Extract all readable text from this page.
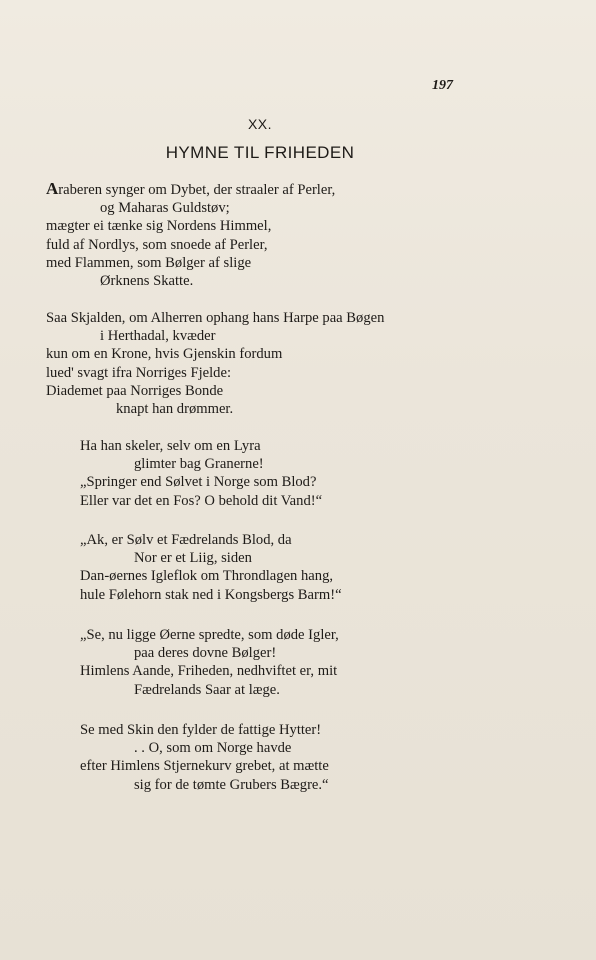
197
XX.
HYMNE TIL FRIHEDEN
Araberen synger om Dybet, der straaler af Perler,
og Maharas Guldstøv;
mægter ei tænke sig Nordens Himmel,
fuld af Nordlys, som snoede af Perler,
med Flammen, som Bølger af slige
Ørknens Skatte.
Saa Skjalden, om Alherren ophang hans Harpe paa Bøgen
i Herthadal, kvæder
kun om en Krone, hvis Gjenskin fordum
lued' svagt ifra Norriges Fjelde:
Diademet paa Norriges Bonde
knapt han drømmer.
Ha han skeler, selv om en Lyra
glimter bag Granerne!
„Springer end Sølvet i Norge som Blod?
Eller var det en Fos? O behold dit Vand!“
„Ak, er Sølv et Fædrelands Blod, da
Nor er et Liig, siden
Dan-øernes Igleflok om Throndlagen hang,
hule Følehorn stak ned i Kongsbergs Barm!“
„Se, nu ligge Øerne spredte, som døde Igler,
paa deres dovne Bølger!
Himlens Aande, Friheden, nedhviftet er, mit
Fædrelands Saar at læge.
Se med Skin den fylder de fattige Hytter!
. . O, som om Norge havde
efter Himlens Stjernekurv grebet, at mætte
sig for de tømte Grubers Bægre.“
